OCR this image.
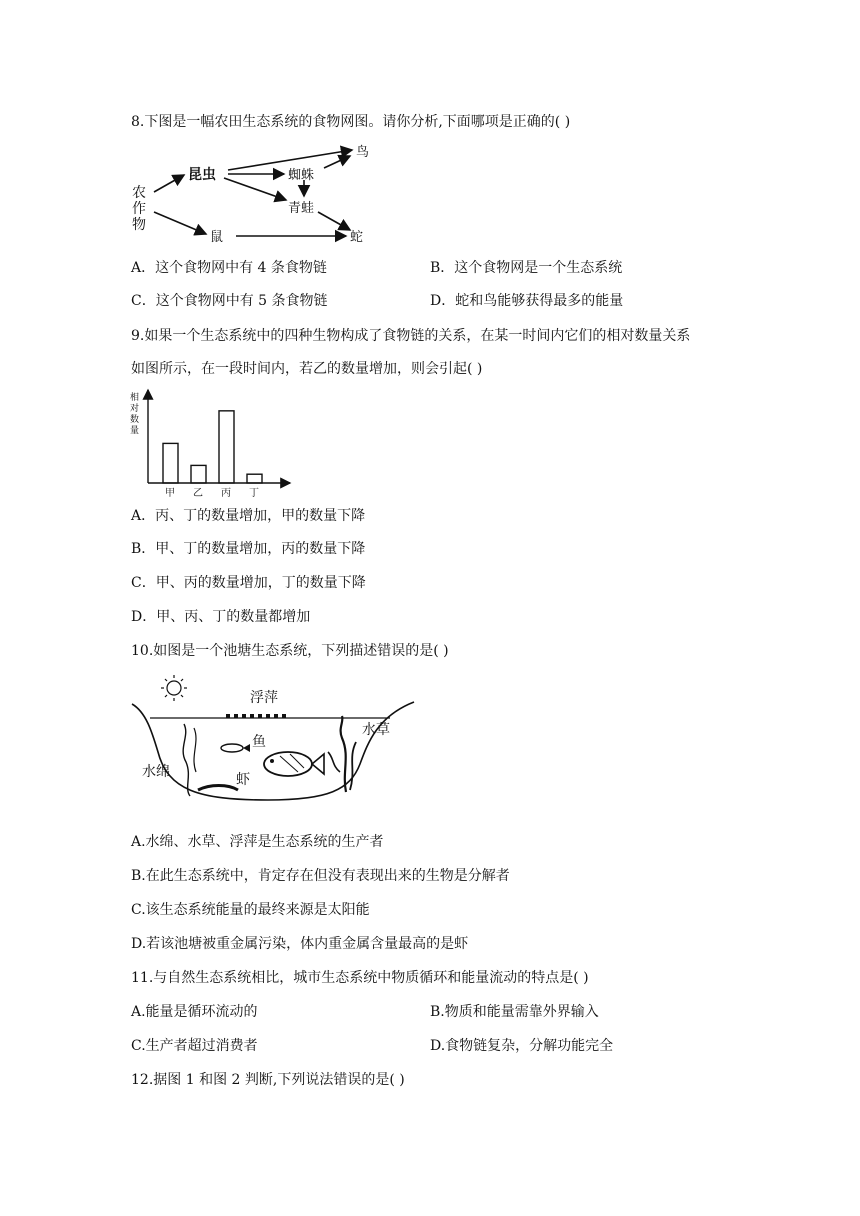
8.下图是一幅农田生态系统的食物网图。请你分析,下面哪项是正确的( )
农
作
物
昆虫
鸟
蜘蛛
青蛙
鼠	蛇
A．这个食物网中有 4 条食物链	B．这个食物网是一个生态系统
C．这个食物网中有 5 条食物链	D．蛇和鸟能够获得最多的能量
9.如果一个生态系统中的四种生物构成了食物链的关系，在某一时间内它们的相对数量关系
如图所示，在一段时间内，若乙的数量增加，则会引起( )
相
对
数
量
甲 乙 丙 丁
A．丙、丁的数量增加，甲的数量下降
B．甲、丁的数量增加，丙的数量下降
C．甲、丙的数量增加，丁的数量下降
D．甲、丙、丁的数量都增加
10.如图是一个池塘生态系统，下列描述错误的是( )
浮萍
水草
鱼
水绵	虾
A.水绵、水草、浮萍是生态系统的生产者
B.在此生态系统中，肯定存在但没有表现出来的生物是分解者
C.该生态系统能量的最终来源是太阳能
D.若该池塘被重金属污染，体内重金属含量最高的是虾
11.与自然生态系统相比，城市生态系统中物质循环和能量流动的特点是( )
A.能量是循环流动的	B.物质和能量需靠外界输入
C.生产者超过消费者	D.食物链复杂，分解功能完全
12.据图 1 和图 2 判断,下列说法错误的是( )
